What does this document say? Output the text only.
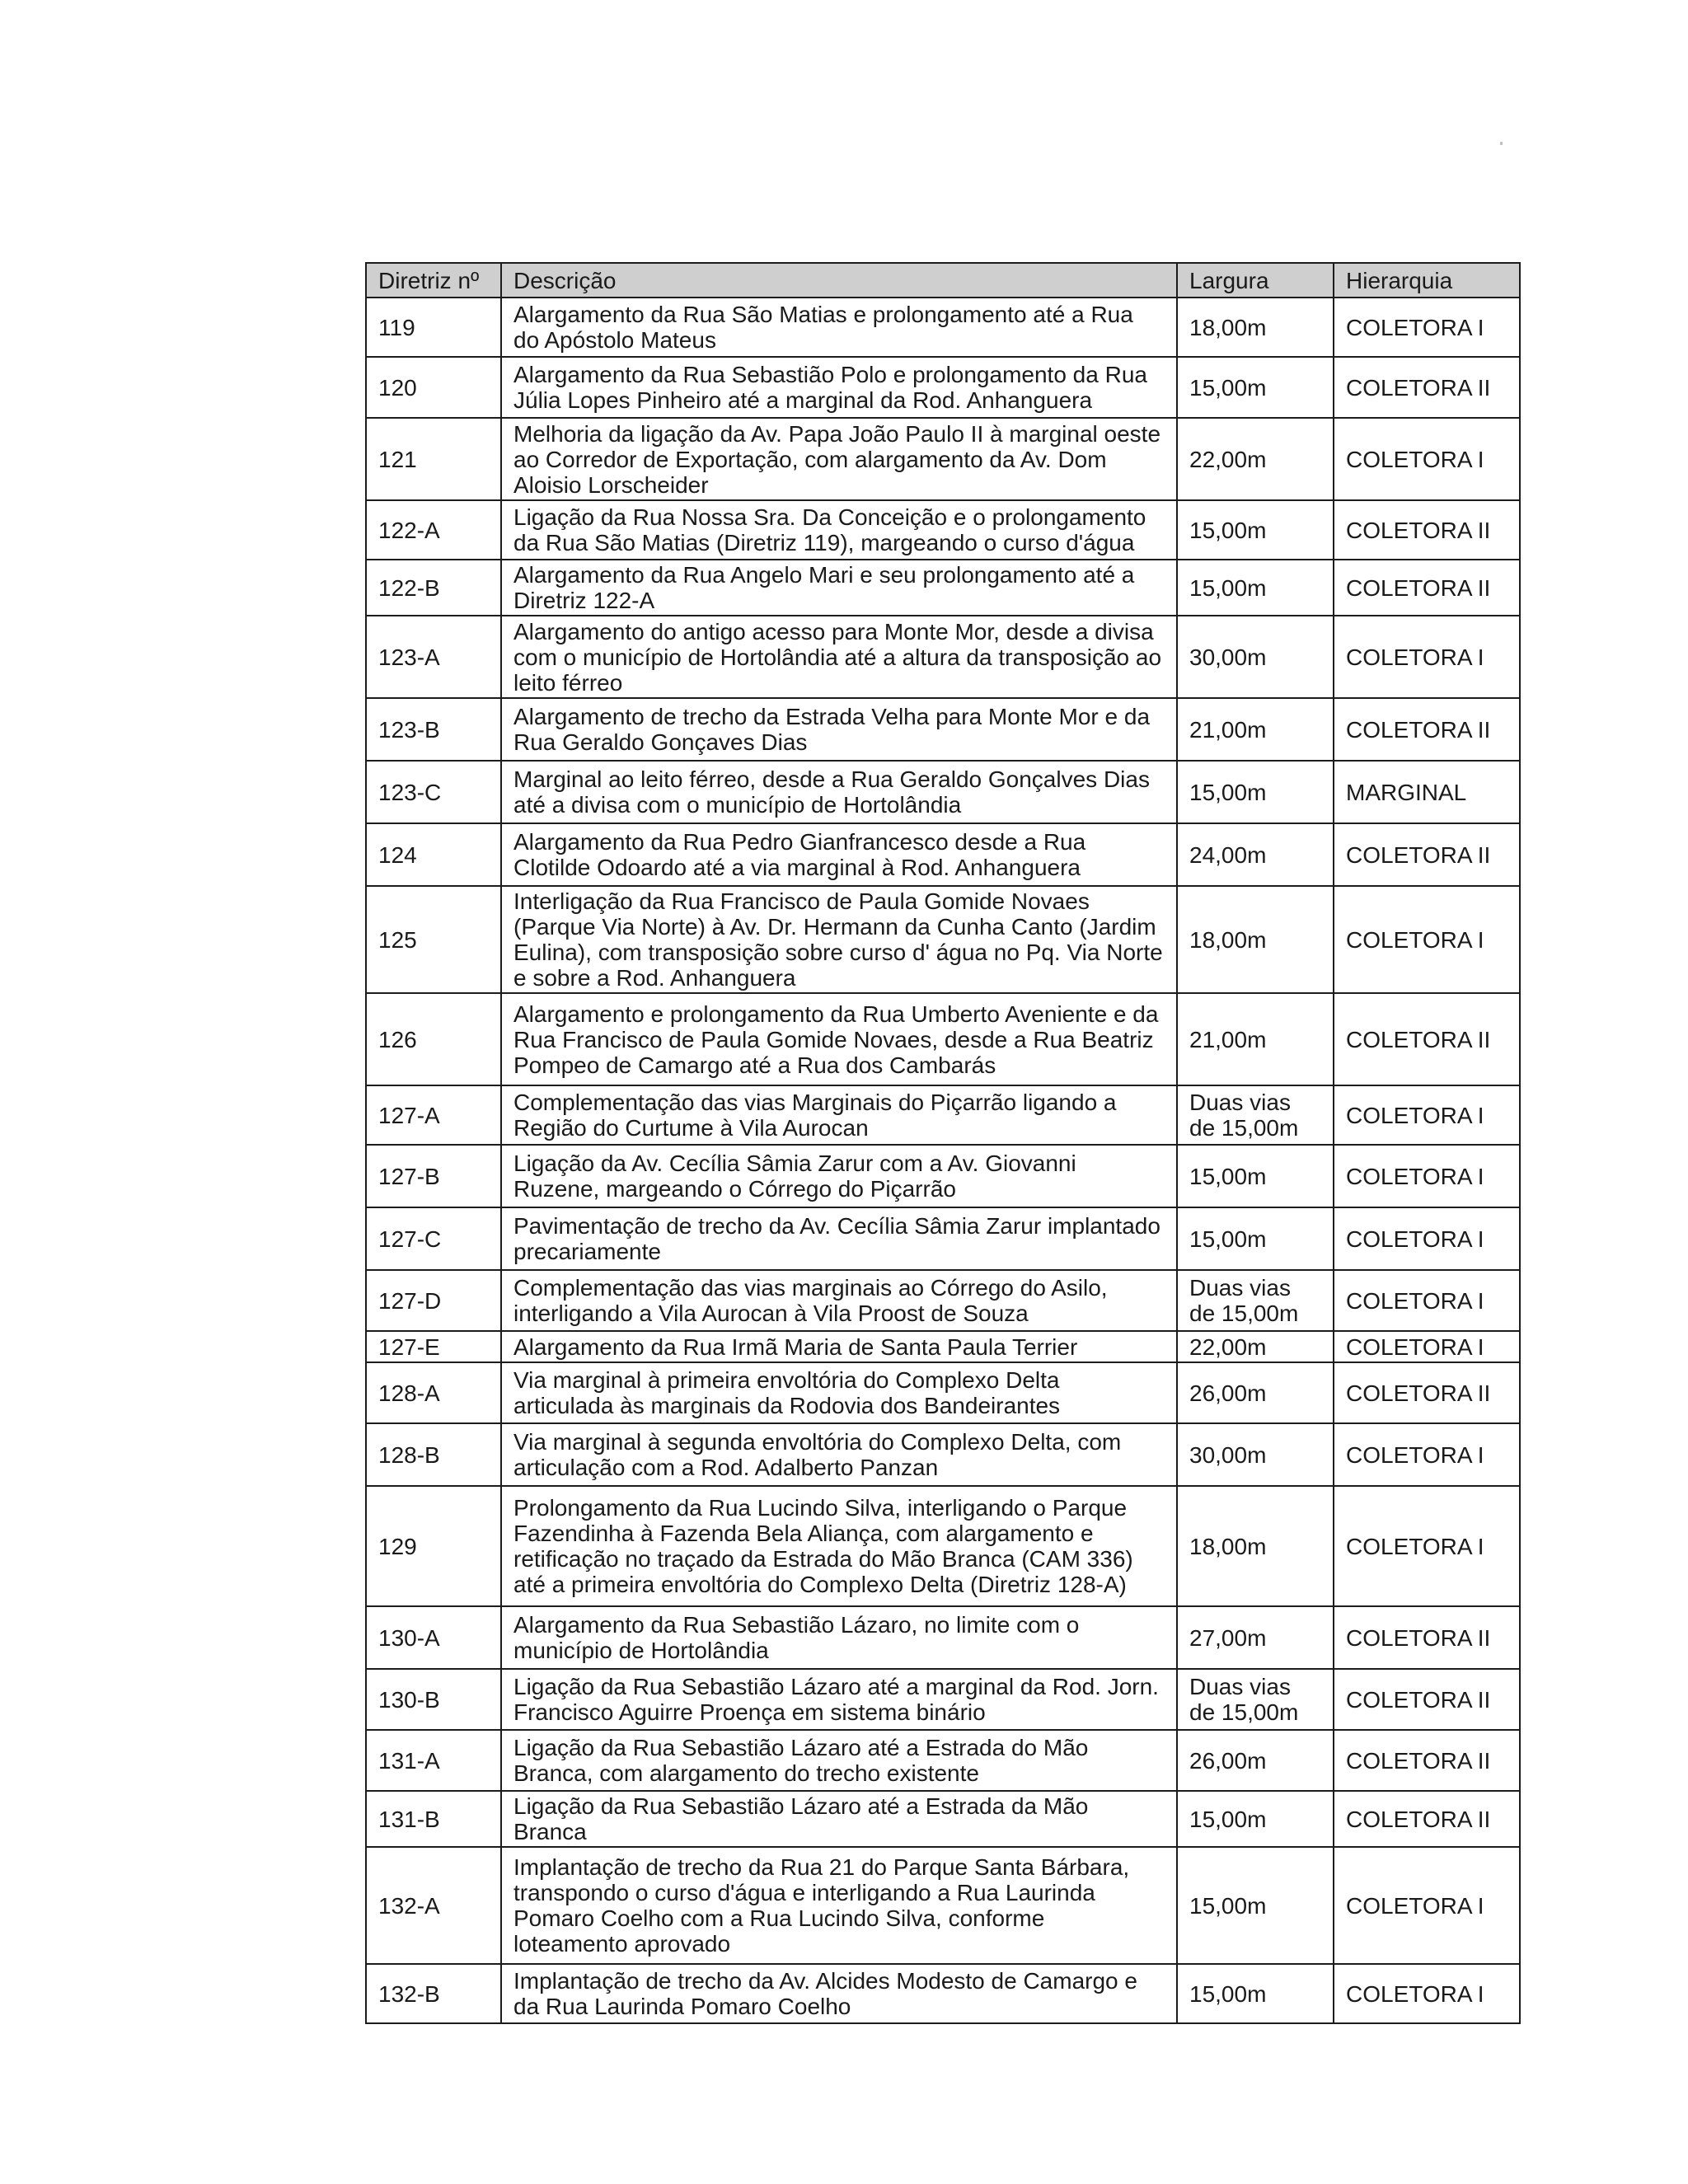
Diretriz nº	Descrição	Largura	Hierarquia
119	Alargamento da Rua São Matias e prolongamento até a Rua do Apóstolo Mateus	18,00m	COLETORA I
120	Alargamento da Rua Sebastião Polo e prolongamento da Rua Júlia Lopes Pinheiro até a marginal da Rod. Anhanguera	15,00m	COLETORA II
121	Melhoria da ligação da Av. Papa João Paulo II à marginal oeste ao Corredor de Exportação, com alargamento da Av. Dom Aloisio Lorscheider	22,00m	COLETORA I
122-A	Ligação da Rua Nossa Sra. Da Conceição e o prolongamento da Rua São Matias (Diretriz 119), margeando o curso d'água	15,00m	COLETORA II
122-B	Alargamento da Rua Angelo Mari e seu prolongamento até a Diretriz 122-A	15,00m	COLETORA II
123-A	Alargamento do antigo acesso para Monte Mor, desde a divisa com o município de Hortolândia até a altura da transposição ao leito férreo	30,00m	COLETORA I
123-B	Alargamento de trecho da Estrada Velha para Monte Mor e da Rua Geraldo Gonçaves Dias	21,00m	COLETORA II
123-C	Marginal ao leito férreo, desde a Rua Geraldo Gonçalves Dias até a divisa com o município de Hortolândia	15,00m	MARGINAL
124	Alargamento da Rua Pedro Gianfrancesco desde a Rua Clotilde Odoardo até a via marginal à Rod. Anhanguera	24,00m	COLETORA II
125	Interligação da Rua Francisco de Paula Gomide Novaes (Parque Via Norte) à Av. Dr. Hermann da Cunha Canto (Jardim Eulina), com transposição sobre curso d' água no Pq. Via Norte e sobre a Rod. Anhanguera	18,00m	COLETORA I
126	Alargamento e prolongamento da Rua Umberto Aveniente e da Rua Francisco de Paula Gomide Novaes, desde a Rua Beatriz Pompeo de Camargo até a Rua dos Cambarás	21,00m	COLETORA II
127-A	Complementação das vias Marginais do Piçarrão ligando a Região do Curtume à Vila Aurocan	Duas vias de 15,00m	COLETORA I
127-B	Ligação da Av. Cecília Sâmia Zarur com a Av. Giovanni Ruzene, margeando o Córrego do Piçarrão	15,00m	COLETORA I
127-C	Pavimentação de trecho da Av. Cecília Sâmia Zarur implantado precariamente	15,00m	COLETORA I
127-D	Complementação das vias marginais ao Córrego do Asilo, interligando a Vila Aurocan à Vila Proost de Souza	Duas vias de 15,00m	COLETORA I
127-E	Alargamento da Rua Irmã Maria de Santa Paula Terrier	22,00m	COLETORA I
128-A	Via marginal à primeira envoltória do Complexo Delta articulada às marginais da Rodovia dos Bandeirantes	26,00m	COLETORA II
128-B	Via marginal à segunda envoltória do Complexo Delta, com articulação com a Rod. Adalberto Panzan	30,00m	COLETORA I
129	Prolongamento da Rua Lucindo Silva, interligando o Parque Fazendinha à Fazenda Bela Aliança, com alargamento e retificação no traçado da Estrada do Mão Branca (CAM 336) até a primeira envoltória do Complexo Delta (Diretriz 128-A)	18,00m	COLETORA I
130-A	Alargamento da Rua Sebastião Lázaro, no limite com o município de Hortolândia	27,00m	COLETORA II
130-B	Ligação da Rua Sebastião Lázaro até a marginal da Rod. Jorn. Francisco Aguirre Proença em sistema binário	Duas vias de 15,00m	COLETORA II
131-A	Ligação da Rua Sebastião Lázaro até a Estrada do Mão Branca, com alargamento do trecho existente	26,00m	COLETORA II
131-B	Ligação da Rua Sebastião Lázaro até a Estrada da Mão Branca	15,00m	COLETORA II
132-A	Implantação de trecho da Rua 21 do Parque Santa Bárbara, transpondo o curso d'água e interligando a Rua Laurinda Pomaro Coelho com a Rua Lucindo Silva, conforme loteamento aprovado	15,00m	COLETORA I
132-B	Implantação de trecho da Av. Alcides Modesto de Camargo e da Rua Laurinda Pomaro Coelho	15,00m	COLETORA I
